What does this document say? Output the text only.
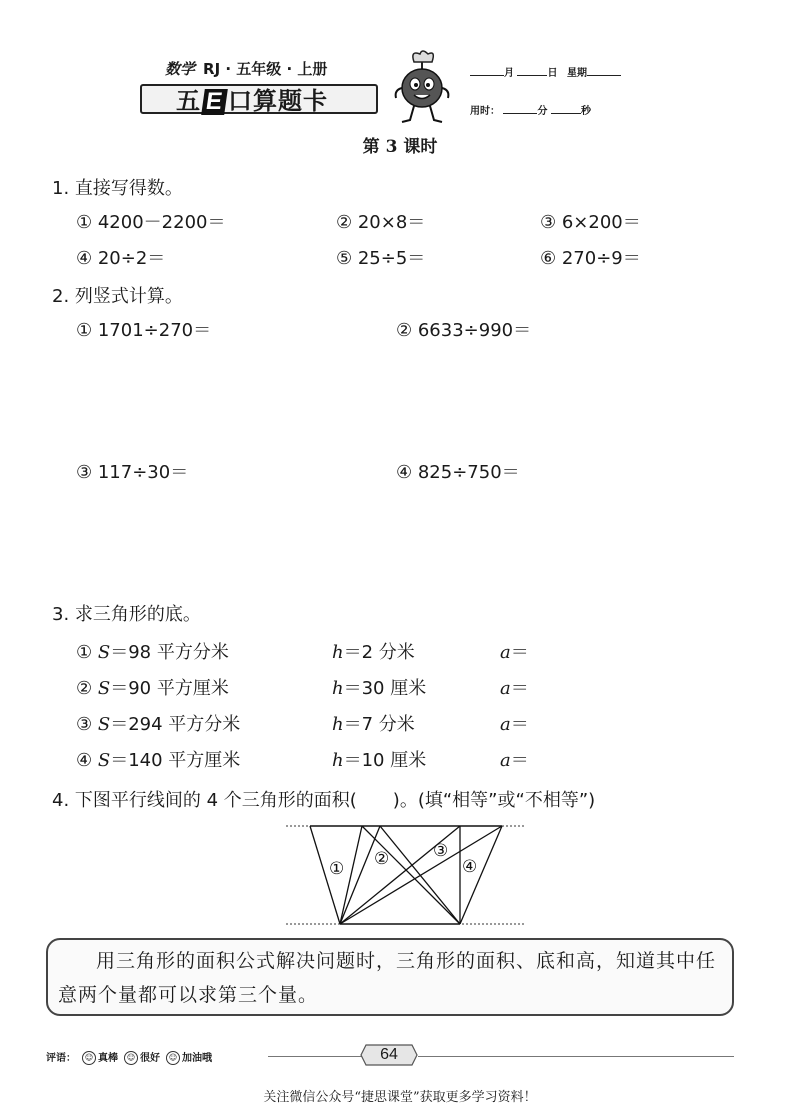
数学 RJ · 五年级 · 上册
五 E 口算题卡
月	日 星期
用时：	分	秒
第 3 课时
1. 直接写得数。
① 4200－2200＝	② 20×8＝	③ 6×200＝
④ 20÷2＝	⑤ 25÷5＝	⑥ 270÷9＝
2. 列竖式计算。
① 1701÷270＝	② 6633÷990＝
③ 117÷30＝	④ 825÷750＝
3. 求三角形的底。
① S＝98 平方分米	h＝2 分米	a＝
② S＝90 平方厘米	h＝30 厘米	a＝
③ S＝294 平方分米	h＝7 分米	a＝
④ S＝140 平方厘米	h＝10 厘米	a＝
4. 下图平行线间的 4 个三角形的面积(　　)。(填“相等”或“不相等”)
① ②	③
④
用三角形的面积公式解决问题时，三角形的面积、底和高，知道其中任意两个量都可以求第三个量。
评语： ☺ 真棒 ☺ 很好 ☺ 加油哦	64
关注微信公众号“捷思课堂”获取更多学习资料！
